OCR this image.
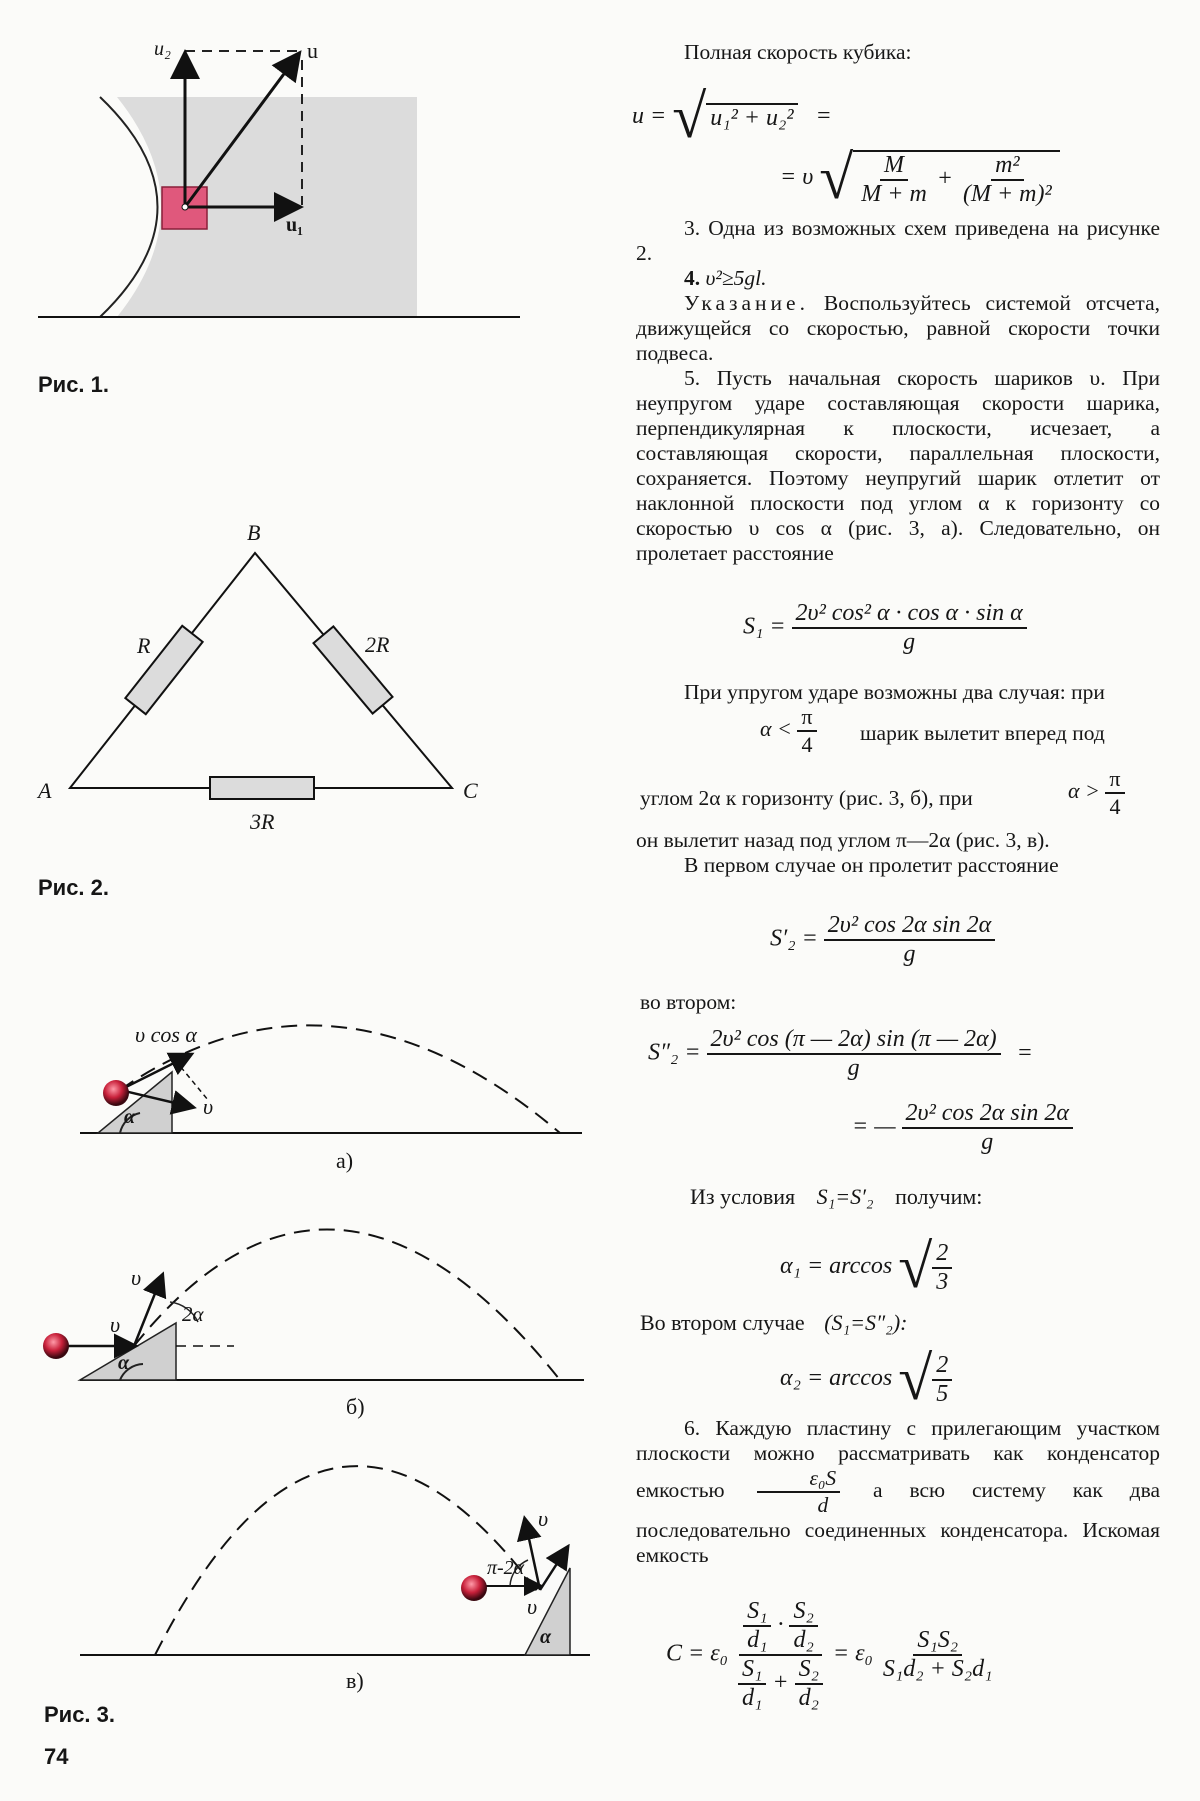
u₂	u
u₁
B
A	C
R	2R
3R
υ cos α
υ
α
a)
υ
υ	2α
α
б)
υ
π-2α
υ
α
в)
Рис. 1.
Рис. 2.
Рис. 3.
74
Полная скорость кубика:
u = √ u₁² + u₂² =
= υ √ $\frac{M}{M + m} + \frac{\text{m²}}{\text{(M + m)²}}$

3. Одна из возможных схем приведена на рисунке 2.

4. υ²≥5gl.

Указание. Воспользуйтесь системой отсчета, движущейся со скоростью, равной скорости точки подвеса.

5. Пусть начальная скорость шариков υ. При неупругом ударе составляющая скорости шарика, перпендикулярная к плоскости, исчезает, а составляющая скорости, параллельная плоскости, сохраняется. Поэтому неупругий шарик отлетит от наклонной плоскости под углом α к горизонту со скоростью υ cos α (рис. 3, а). Следовательно, он пролетает расстояние

$S_1 = \frac{\text{2υ² cos² α · cos α · sin α}}{g}$

При упругом ударе возможны два случая: при

$\alpha < \frac{\pi}{4}$ шарик вылетит вперед под
углом 2α к горизонту (рис. 3, б), при	$\alpha > \frac{\pi}{4}$

он вылетит назад под углом π—2α (рис. 3, в).

В первом случае он пролетит расстояние

$S'_2 = \frac{\text{2υ² cos 2α sin 2α}}{g}$
во втором:
$S''_2 = \frac{\text{2υ² cos (π — 2α) sin (π — 2α)}}{g}$ =
= — $\frac{\text{2υ² cos 2α sin 2α}}{g}$
Из условия S₁=S′₂ получим:
α₁ = arccos √ $\frac{2}{3}$
Во втором случае (S₁=S″₂):
α₂ = arccos √ $\frac{2}{5}$

6. Каждую пластину с прилегающим участком плоскости можно рассматривать как конденсатор емкостью $\frac{\text{ε₀S}}{d}$ а всю систему как два последовательно соединенных конденсатора. Искомая емкость

$C = \varepsilon_0 \frac{\frac{\text{S₁}}{\text{d₁}} \cdot \frac{\text{S₂}}{\text{d₂}}}{\frac{\text{S₁}}{\text{d₁}} + \frac{\text{S₂}}{\text{d₂}}} = \varepsilon_0 \frac{\text{S₁S₂}}{\text{S₁d₂ + S₂d₁}}$
